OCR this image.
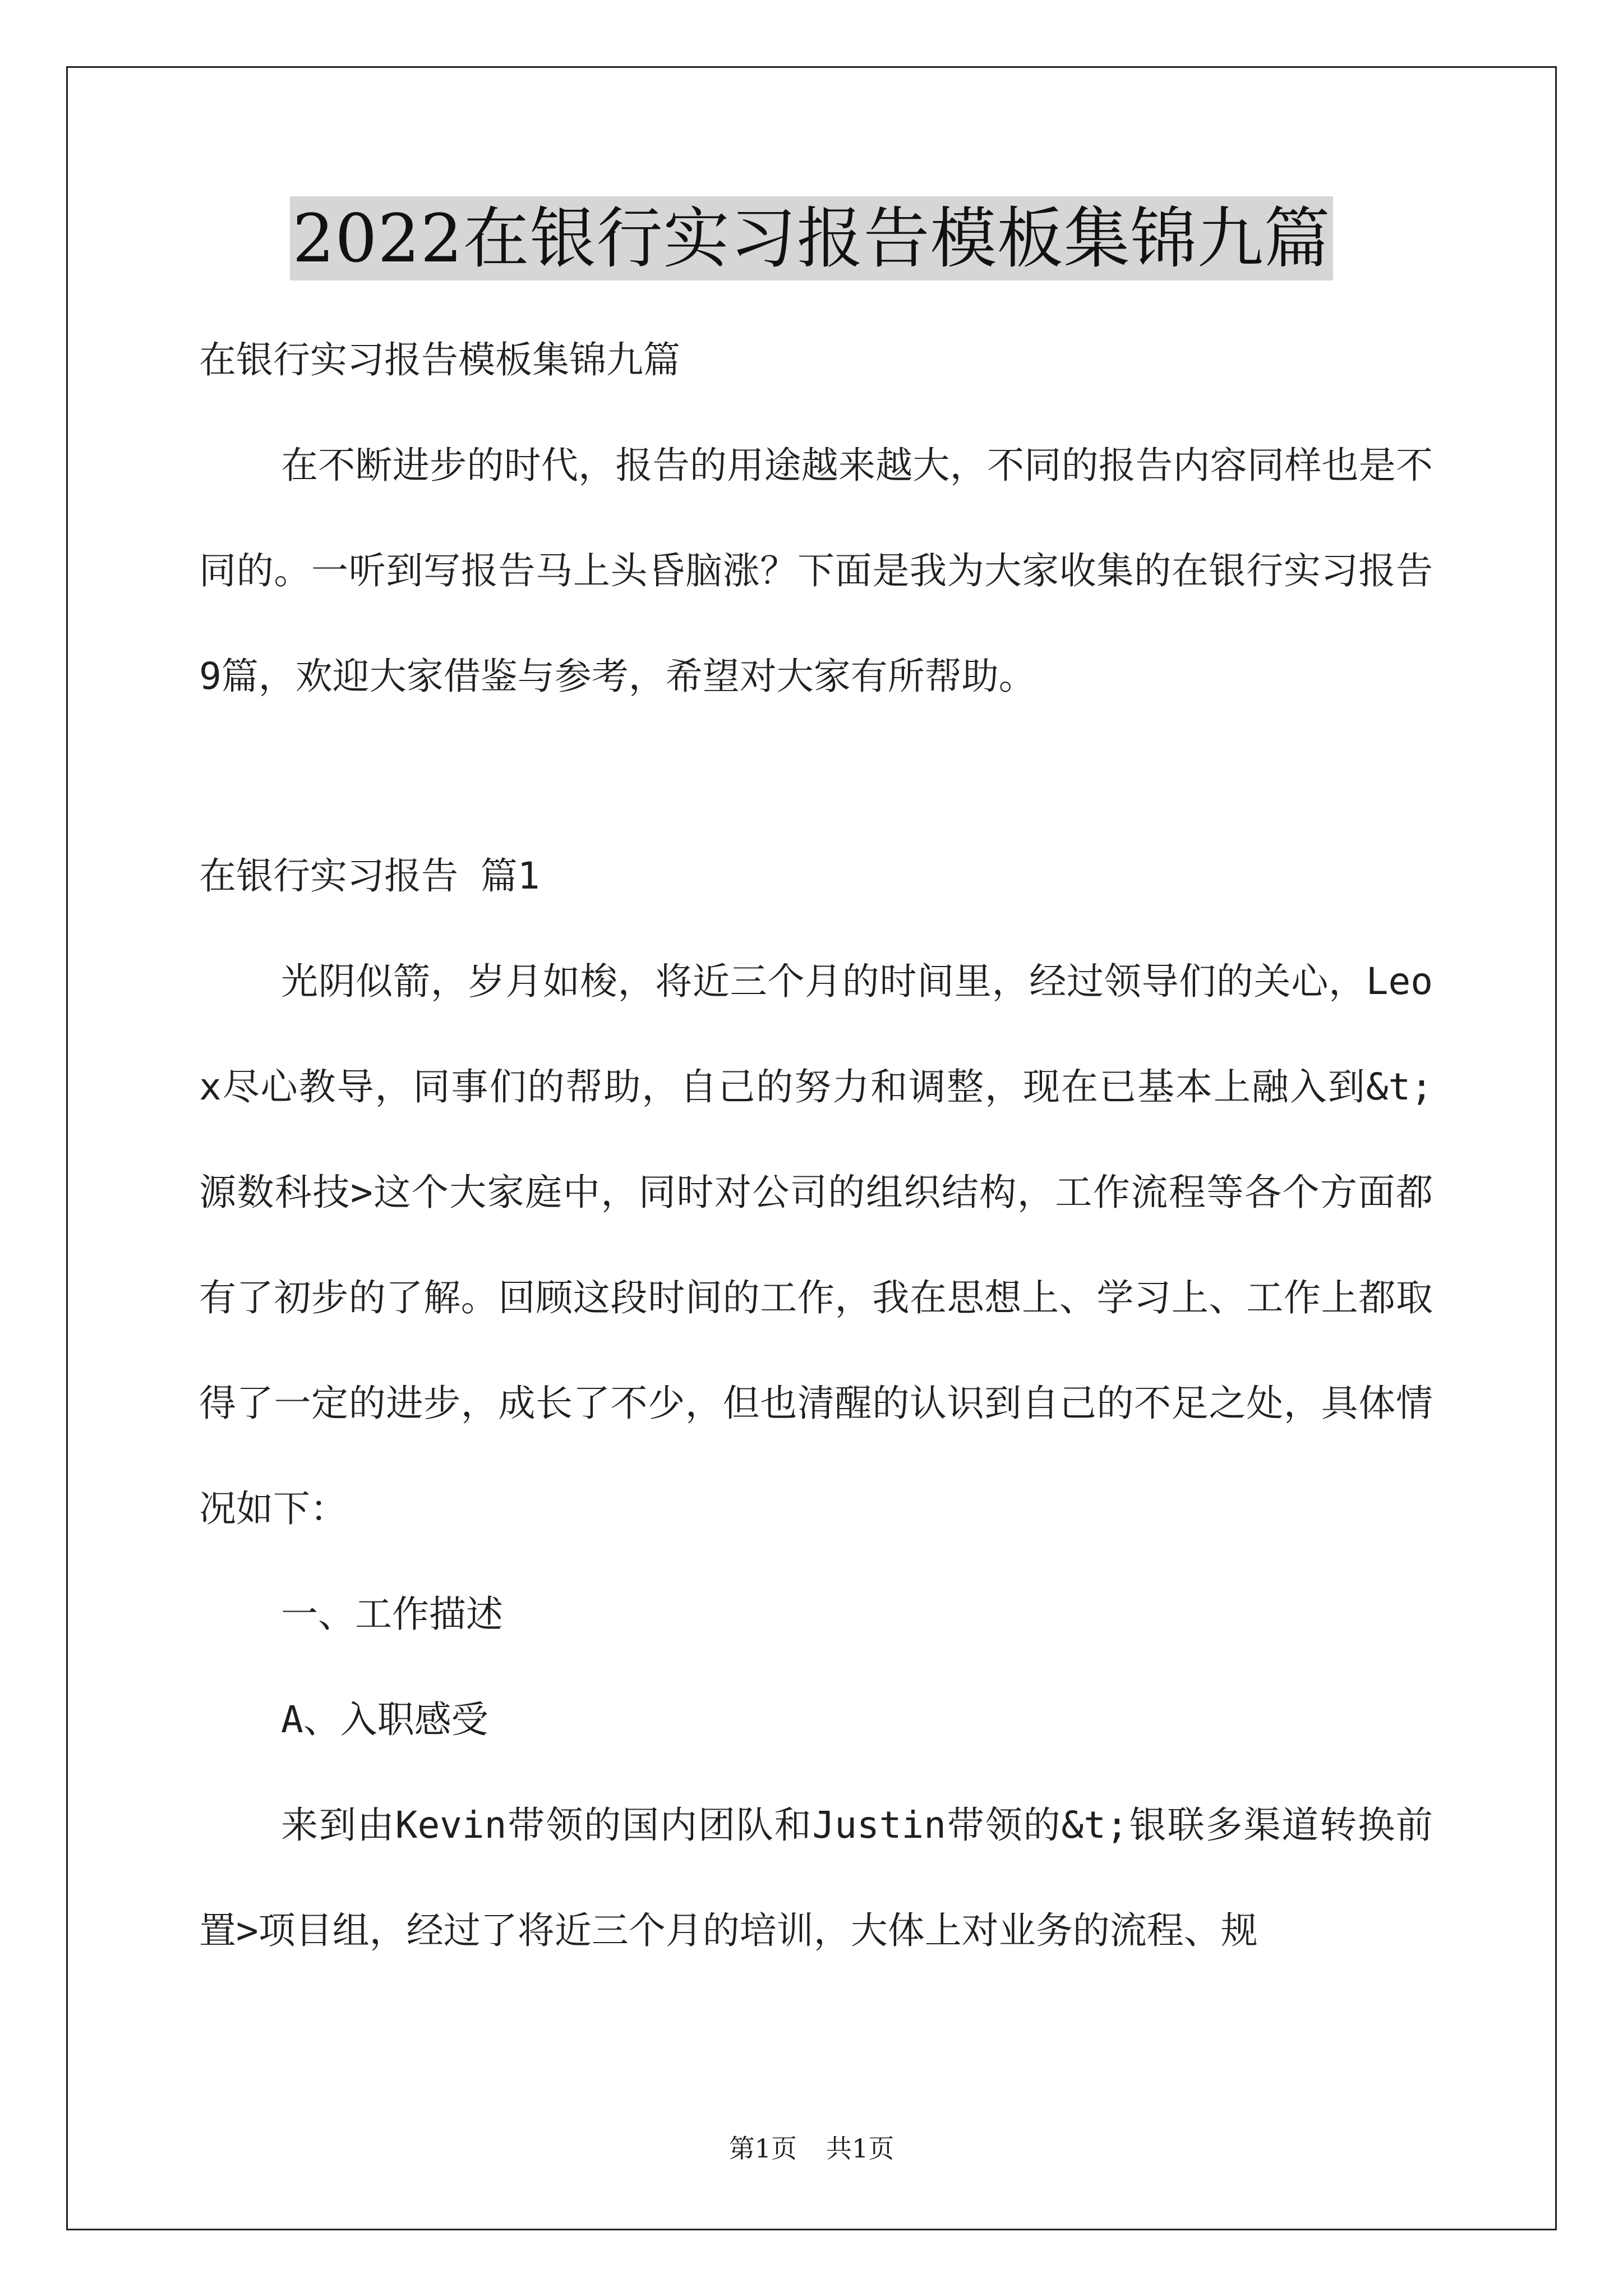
2022在银行实习报告模板集锦九篇

在银行实习报告模板集锦九篇

在不断进步的时代，报告的用途越来越大，不同的报告内容同样也是不同的。一听到写报告马上头昏脑涨？下面是我为大家收集的在银行实习报告9篇，欢迎大家借鉴与参考，希望对大家有所帮助。

在银行实习报告 篇1

光阴似箭，岁月如梭，将近三个月的时间里，经过领导们的关心，Leox尽心教导，同事们的帮助，自己的努力和调整，现在已基本上融入到&t;源数科技>这个大家庭中，同时对公司的组织结构，工作流程等各个方面都有了初步的了解。回顾这段时间的工作，我在思想上、学习上、工作上都取得了一定的进步，成长了不少，但也清醒的认识到自己的不足之处，具体情况如下：

一、工作描述

A、入职感受

来到由Kevin带领的国内团队和Justin带领的&t;银联多渠道转换前置>项目组，经过了将近三个月的培训，大体上对业务的流程、规

第1页 共1页
